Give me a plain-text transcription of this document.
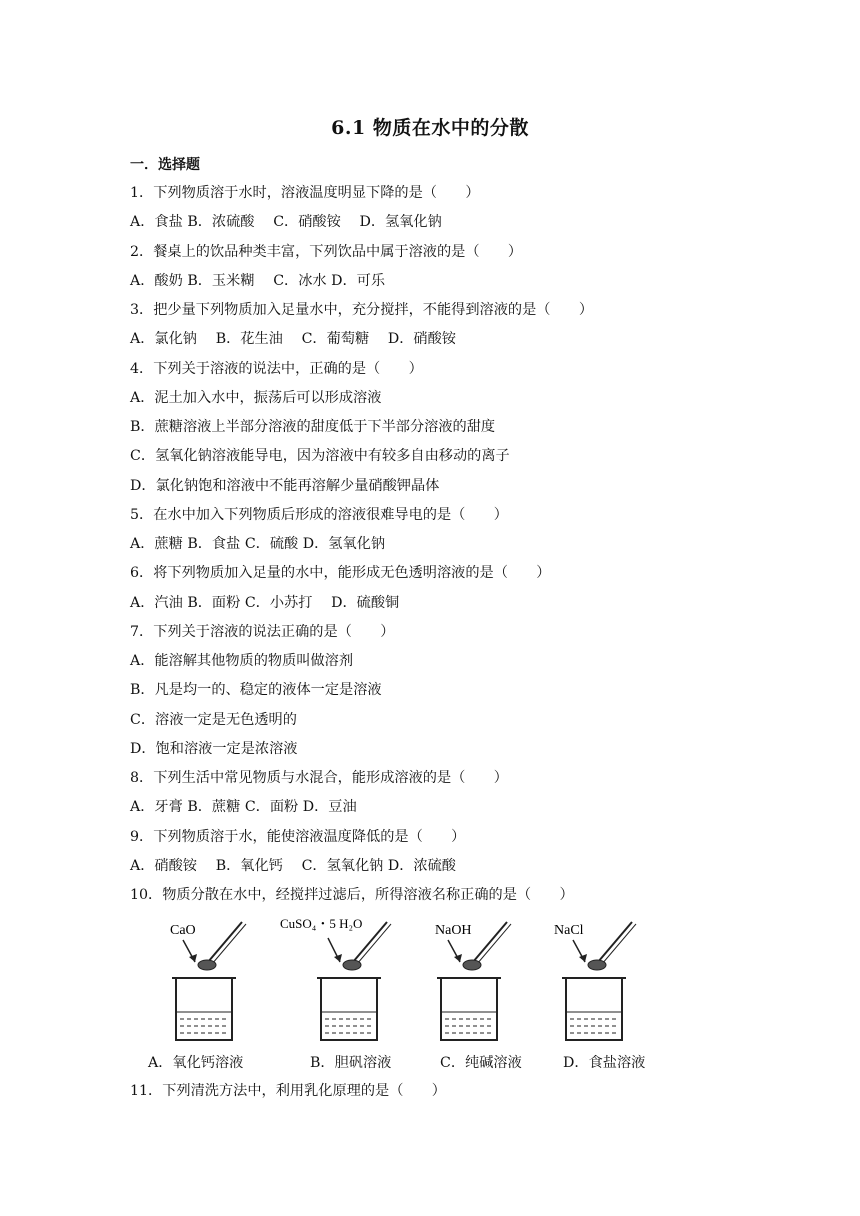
6.1 物质在水中的分散
一．选择题
1．下列物质溶于水时，溶液温度明显下降的是（　　）
A．食盐 B．浓硫酸　 C．硝酸铵　 D．氢氧化钠
2．餐桌上的饮品种类丰富，下列饮品中属于溶液的是（　　）
A．酸奶 B．玉米糊　 C．冰水 D．可乐
3．把少量下列物质加入足量水中，充分搅拌，不能得到溶液的是（　　）
A．氯化钠　 B．花生油　 C．葡萄糖　 D．硝酸铵
4．下列关于溶液的说法中，正确的是（　　）
A．泥土加入水中，振荡后可以形成溶液
B．蔗糖溶液上半部分溶液的甜度低于下半部分溶液的甜度
C．氢氧化钠溶液能导电，因为溶液中有较多自由移动的离子
D．氯化钠饱和溶液中不能再溶解少量硝酸钾晶体
5．在水中加入下列物质后形成的溶液很难导电的是（　　）
A．蔗糖 B．食盐 C．硫酸 D．氢氧化钠
6．将下列物质加入足量的水中，能形成无色透明溶液的是（　　）
A．汽油 B．面粉 C．小苏打　 D．硫酸铜
7．下列关于溶液的说法正确的是（　　）
A．能溶解其他物质的物质叫做溶剂
B．凡是均一的、稳定的液体一定是溶液
C．溶液一定是无色透明的
D．饱和溶液一定是浓溶液
8．下列生活中常见物质与水混合，能形成溶液的是（　　）
A．牙膏 B．蔗糖 C．面粉 D．豆油
9．下列物质溶于水，能使溶液温度降低的是（　　）
A．硝酸铵　 B．氧化钙　 C．氢氧化钠 D．浓硫酸
10．物质分散在水中，经搅拌过滤后，所得溶液名称正确的是（　　）
CaO	CuSO₄・5 H₂O	NaOH	NaCl
A．氧化钙溶液	B．胆矾溶液	C．纯碱溶液	D．食盐溶液
11．下列清洗方法中，利用乳化原理的是（　　）
